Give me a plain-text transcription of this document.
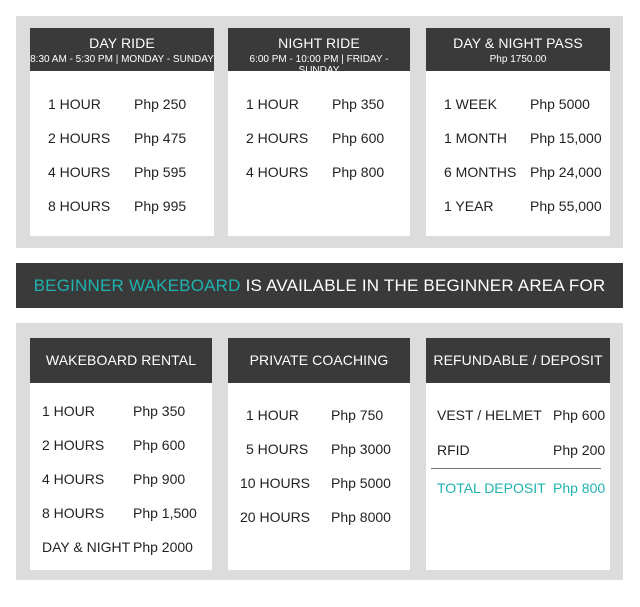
DAY RIDE
8:30 AM - 5:30 PM | MONDAY - SUNDAY
1 HOUR Php 250
2 HOURS Php 475
4 HOURS Php 595
8 HOURS Php 995
NIGHT RIDE
6:00 PM - 10:00 PM | FRIDAY - SUNDAY
1 HOUR Php 350
2 HOURS Php 600
4 HOURS Php 800
DAY & NIGHT PASS
Php 1750.00
1 WEEK Php 5000
1 MONTH Php 15,000
6 MONTHS Php 24,000
1 YEAR	Php 55,000
BEGINNER WAKEBOARD IS AVAILABLE IN THE BEGINNER AREA FOR
WAKEBOARD RENTAL
1 HOUR	Php 350
2 HOURS Php 600
4 HOURS Php 900
8 HOURS Php 1,500
DAY & NIGHT Php 2000
PRIVATE COACHING SESSION
1 HOUR Php 750
5 HOURS Php 3000
10 HOURS Php 5000
20 HOURS Php 8000
REFUNDABLE / DEPOSIT
VEST / HELMET Php 600
RFID	Php 200
TOTAL DEPOSIT Php 800
